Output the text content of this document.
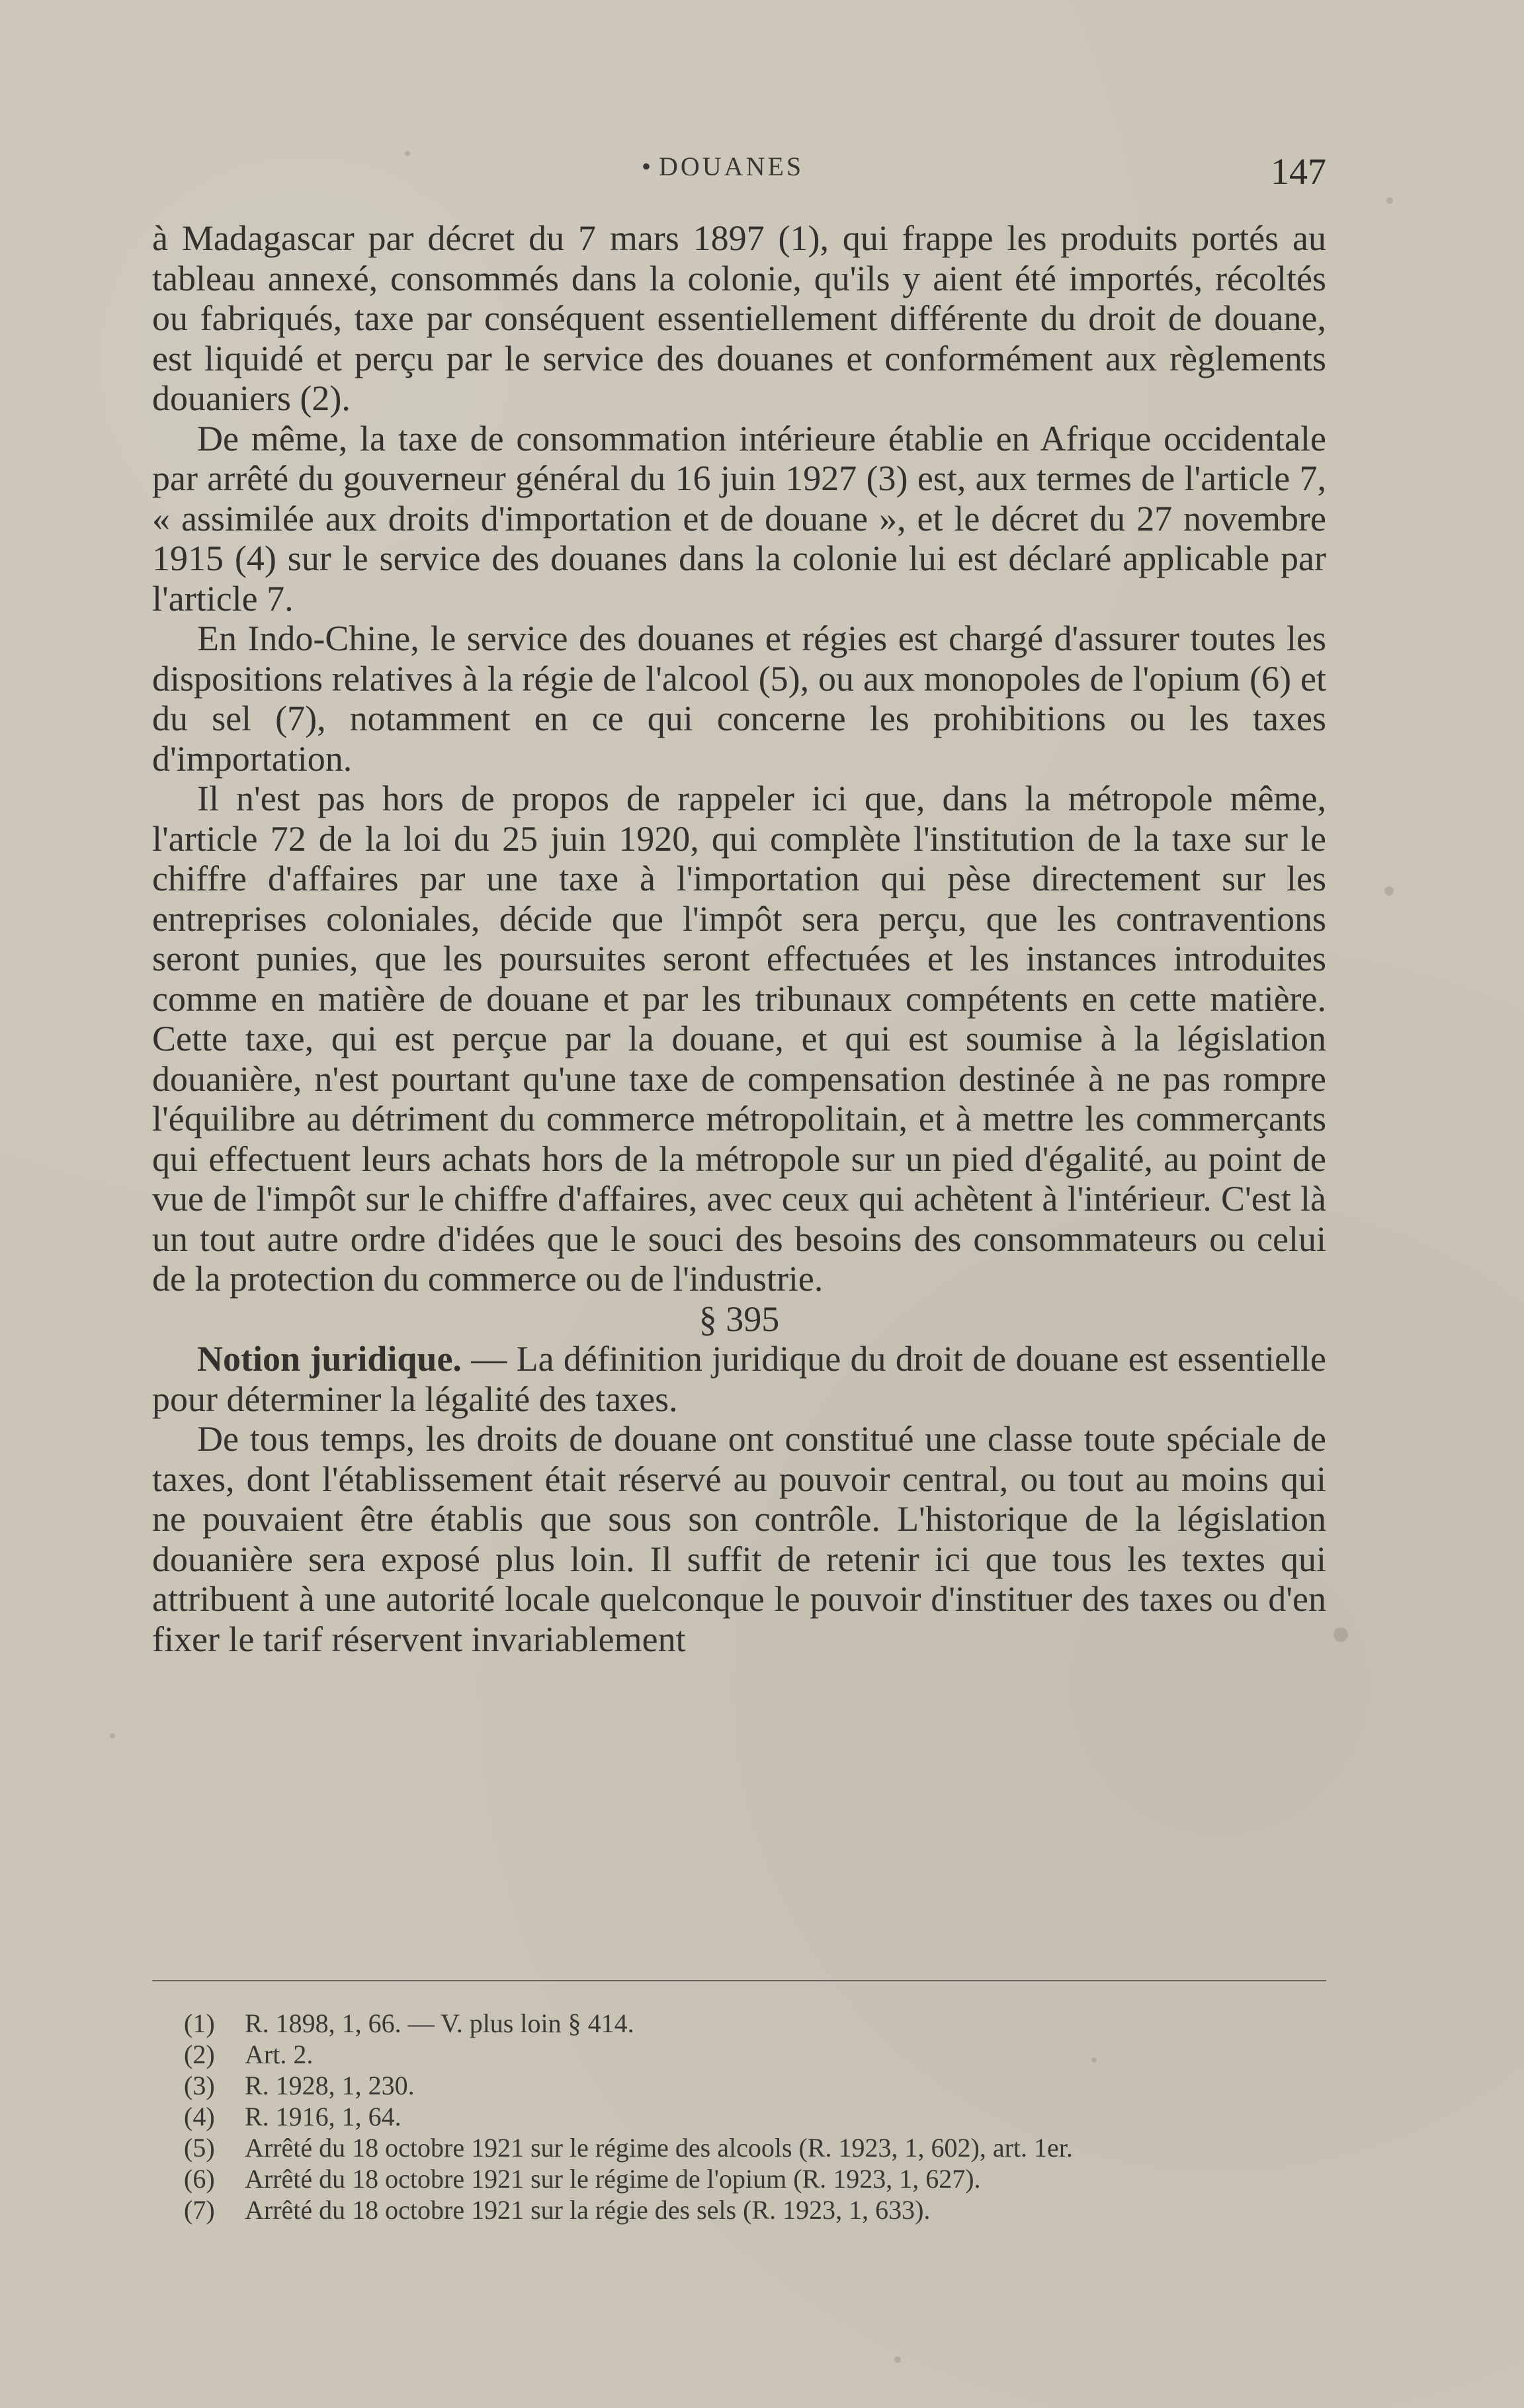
• DOUANES	147

à Madagascar par décret du 7 mars 1897 (1), qui frappe les produits portés au tableau annexé, consommés dans la colonie, qu'ils y aient été importés, récoltés ou fabriqués, taxe par conséquent essentiellement différente du droit de douane, est liquidé et perçu par le service des douanes et conformément aux règlements douaniers (2).

De même, la taxe de consommation intérieure établie en Afrique occidentale par arrêté du gouverneur général du 16 juin 1927 (3) est, aux termes de l'article 7, « assimilée aux droits d'importation et de douane », et le décret du 27 novembre 1915 (4) sur le service des douanes dans la colonie lui est déclaré applicable par l'article 7.

En Indo-Chine, le service des douanes et régies est chargé d'assurer toutes les dispositions relatives à la régie de l'alcool (5), ou aux monopoles de l'opium (6) et du sel (7), notamment en ce qui concerne les prohibitions ou les taxes d'importation.

Il n'est pas hors de propos de rappeler ici que, dans la métropole même, l'article 72 de la loi du 25 juin 1920, qui complète l'institution de la taxe sur le chiffre d'affaires par une taxe à l'importation qui pèse directement sur les entreprises coloniales, décide que l'impôt sera perçu, que les contraventions seront punies, que les poursuites seront effectuées et les instances introduites comme en matière de douane et par les tribunaux compétents en cette matière. Cette taxe, qui est perçue par la douane, et qui est soumise à la législation douanière, n'est pourtant qu'une taxe de compensation destinée à ne pas rompre l'équilibre au détriment du commerce métropolitain, et à mettre les commerçants qui effectuent leurs achats hors de la métropole sur un pied d'égalité, au point de vue de l'impôt sur le chiffre d'affaires, avec ceux qui achètent à l'intérieur. C'est là un tout autre ordre d'idées que le souci des besoins des consommateurs ou celui de la protection du commerce ou de l'industrie.

§ 395

Notion juridique. — La définition juridique du droit de douane est essentielle pour déterminer la légalité des taxes.

De tous temps, les droits de douane ont constitué une classe toute spéciale de taxes, dont l'établissement était réservé au pouvoir central, ou tout au moins qui ne pouvaient être établis que sous son contrôle. L'historique de la législation douanière sera exposé plus loin. Il suffit de retenir ici que tous les textes qui attribuent à une autorité locale quelconque le pouvoir d'instituer des taxes ou d'en fixer le tarif réservent invariablement

(1) R. 1898, 1, 66. — V. plus loin § 414.
(2) Art. 2.
(3) R. 1928, 1, 230.
(4) R. 1916, 1, 64.
(5) Arrêté du 18 octobre 1921 sur le régime des alcools (R. 1923, 1, 602), art. 1er.
(6) Arrêté du 18 octobre 1921 sur le régime de l'opium (R. 1923, 1, 627).
(7) Arrêté du 18 octobre 1921 sur la régie des sels (R. 1923, 1, 633).
